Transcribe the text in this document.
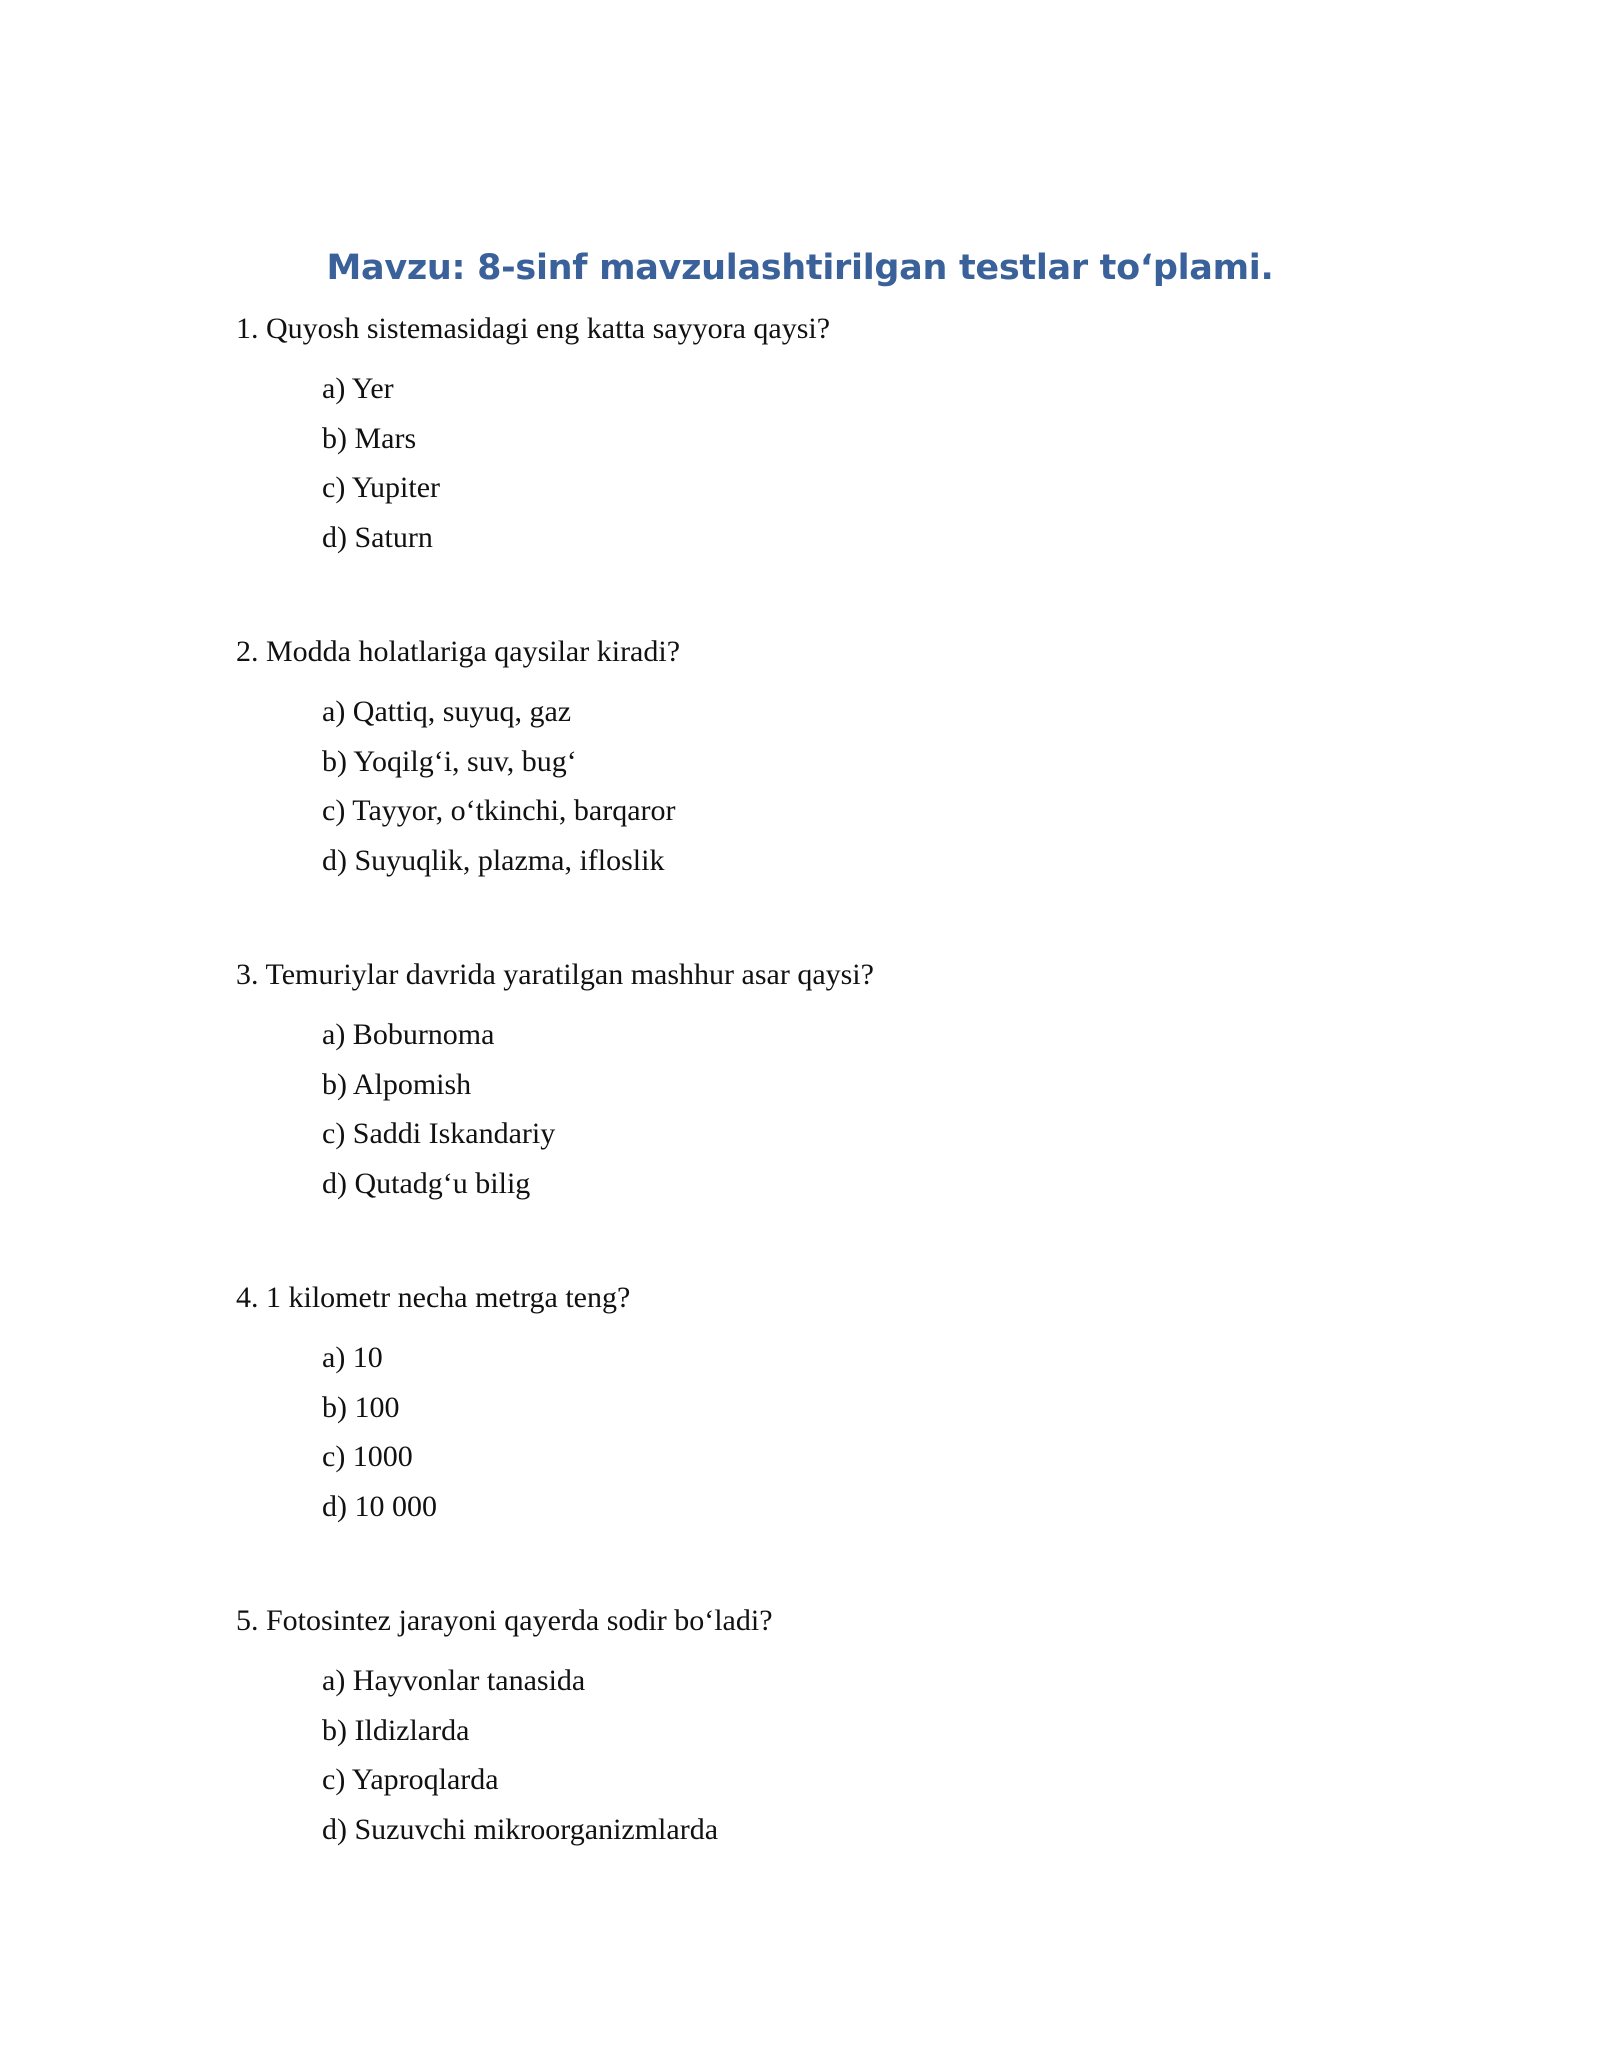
Mavzu: 8-sinf mavzulashtirilgan testlar to‘plami.
1. Quyosh sistemasidagi eng katta sayyora qaysi?
a) Yer
b) Mars
c) Yupiter
d) Saturn
2. Modda holatlariga qaysilar kiradi?
a) Qattiq, suyuq, gaz
b) Yoqilg‘i, suv, bug‘
c) Tayyor, o‘tkinchi, barqaror
d) Suyuqlik, plazma, ifloslik
3. Temuriylar davrida yaratilgan mashhur asar qaysi?
a) Boburnoma
b) Alpomish
c) Saddi Iskandariy
d) Qutadg‘u bilig
4. 1 kilometr necha metrga teng?
a) 10
b) 100
c) 1000
d) 10 000
5. Fotosintez jarayoni qayerda sodir bo‘ladi?
a) Hayvonlar tanasida
b) Ildizlarda
c) Yaproqlarda
d) Suzuvchi mikroorganizmlarda
